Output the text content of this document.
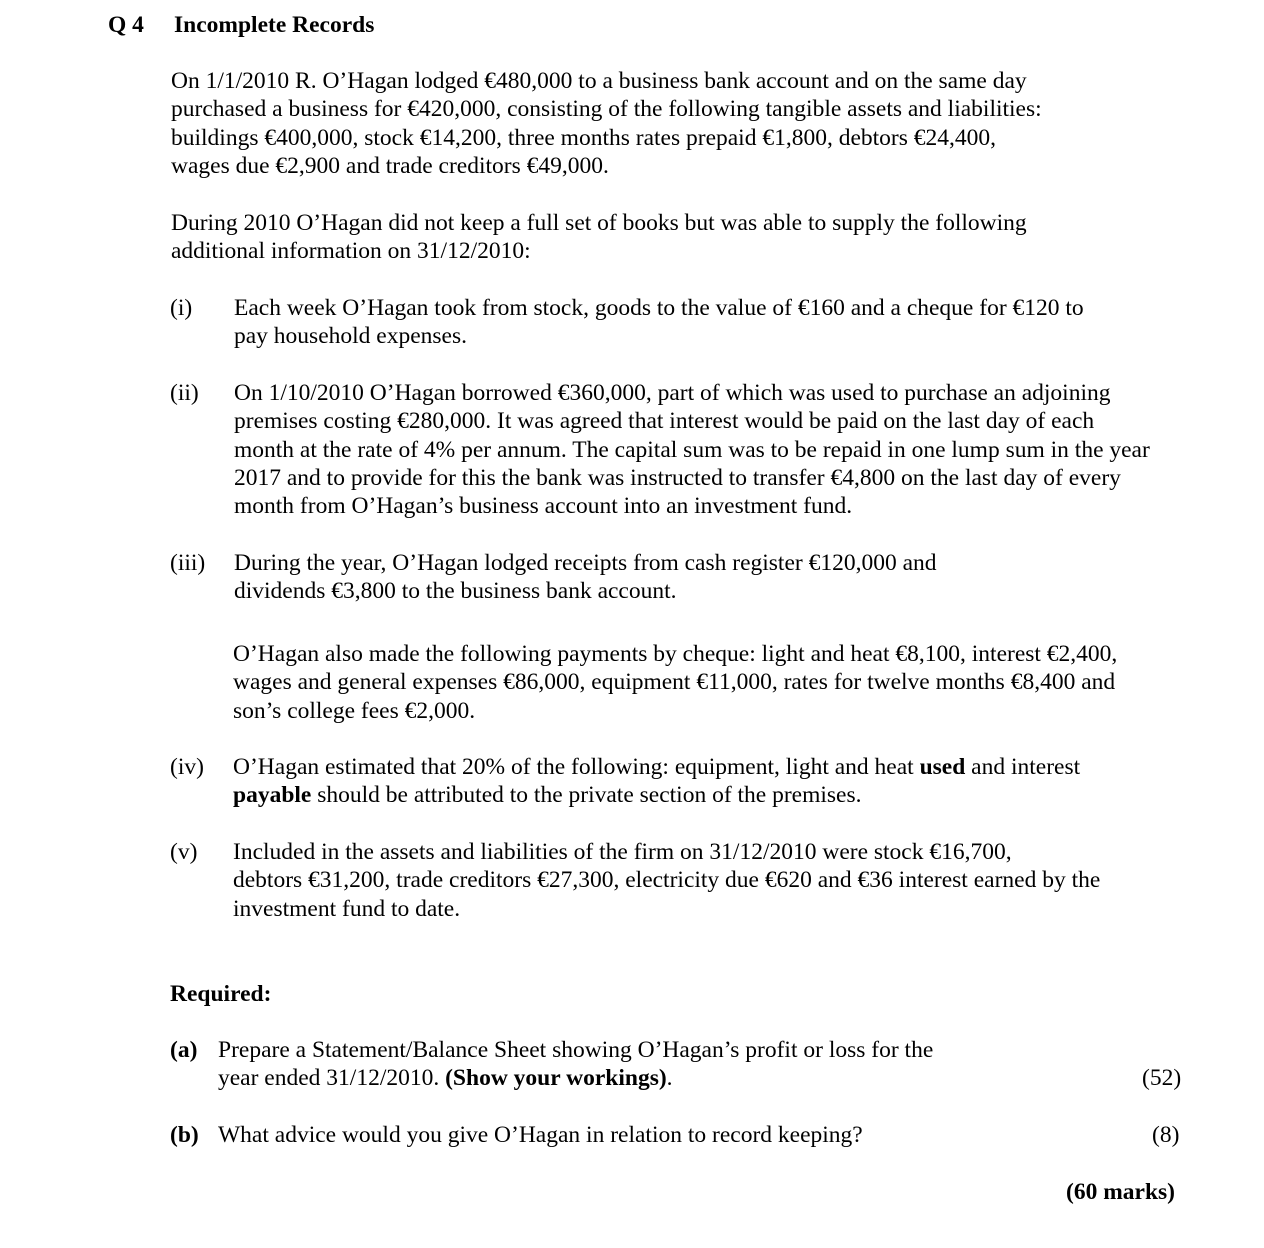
Q 4 Incomplete Records
On 1/1/2010 R. O’Hagan lodged €480,000 to a business bank account and on the same day
purchased a business for €420,000, consisting of the following tangible assets and liabilities:
buildings €400,000, stock €14,200, three months rates prepaid €1,800, debtors €24,400,
wages due €2,900 and trade creditors €49,000.
During 2010 O’Hagan did not keep a full set of books but was able to supply the following
additional information on 31/12/2010:
(i) Each week O’Hagan took from stock, goods to the value of €160 and a cheque for €120 to
pay household expenses.
(ii) On 1/10/2010 O’Hagan borrowed €360,000, part of which was used to purchase an adjoining
premises costing €280,000. It was agreed that interest would be paid on the last day of each
month at the rate of 4% per annum. The capital sum was to be repaid in one lump sum in the year
2017 and to provide for this the bank was instructed to transfer €4,800 on the last day of every
month from O’Hagan’s business account into an investment fund.
(iii) During the year, O’Hagan lodged receipts from cash register €120,000 and
dividends €3,800 to the business bank account.
O’Hagan also made the following payments by cheque: light and heat €8,100, interest €2,400,
wages and general expenses €86,000, equipment €11,000, rates for twelve months €8,400 and
son’s college fees €2,000.
(iv) O’Hagan estimated that 20% of the following: equipment, light and heat used and interest
payable should be attributed to the private section of the premises.
(v) Included in the assets and liabilities of the firm on 31/12/2010 were stock €16,700,
debtors €31,200, trade creditors €27,300, electricity due €620 and €36 interest earned by the
investment fund to date.
Required:
(a) Prepare a Statement/Balance Sheet showing O’Hagan’s profit or loss for the
year ended 31/12/2010. (Show your workings).	(52)
(b) What advice would you give O’Hagan in relation to record keeping?	(8)
(60 marks)
